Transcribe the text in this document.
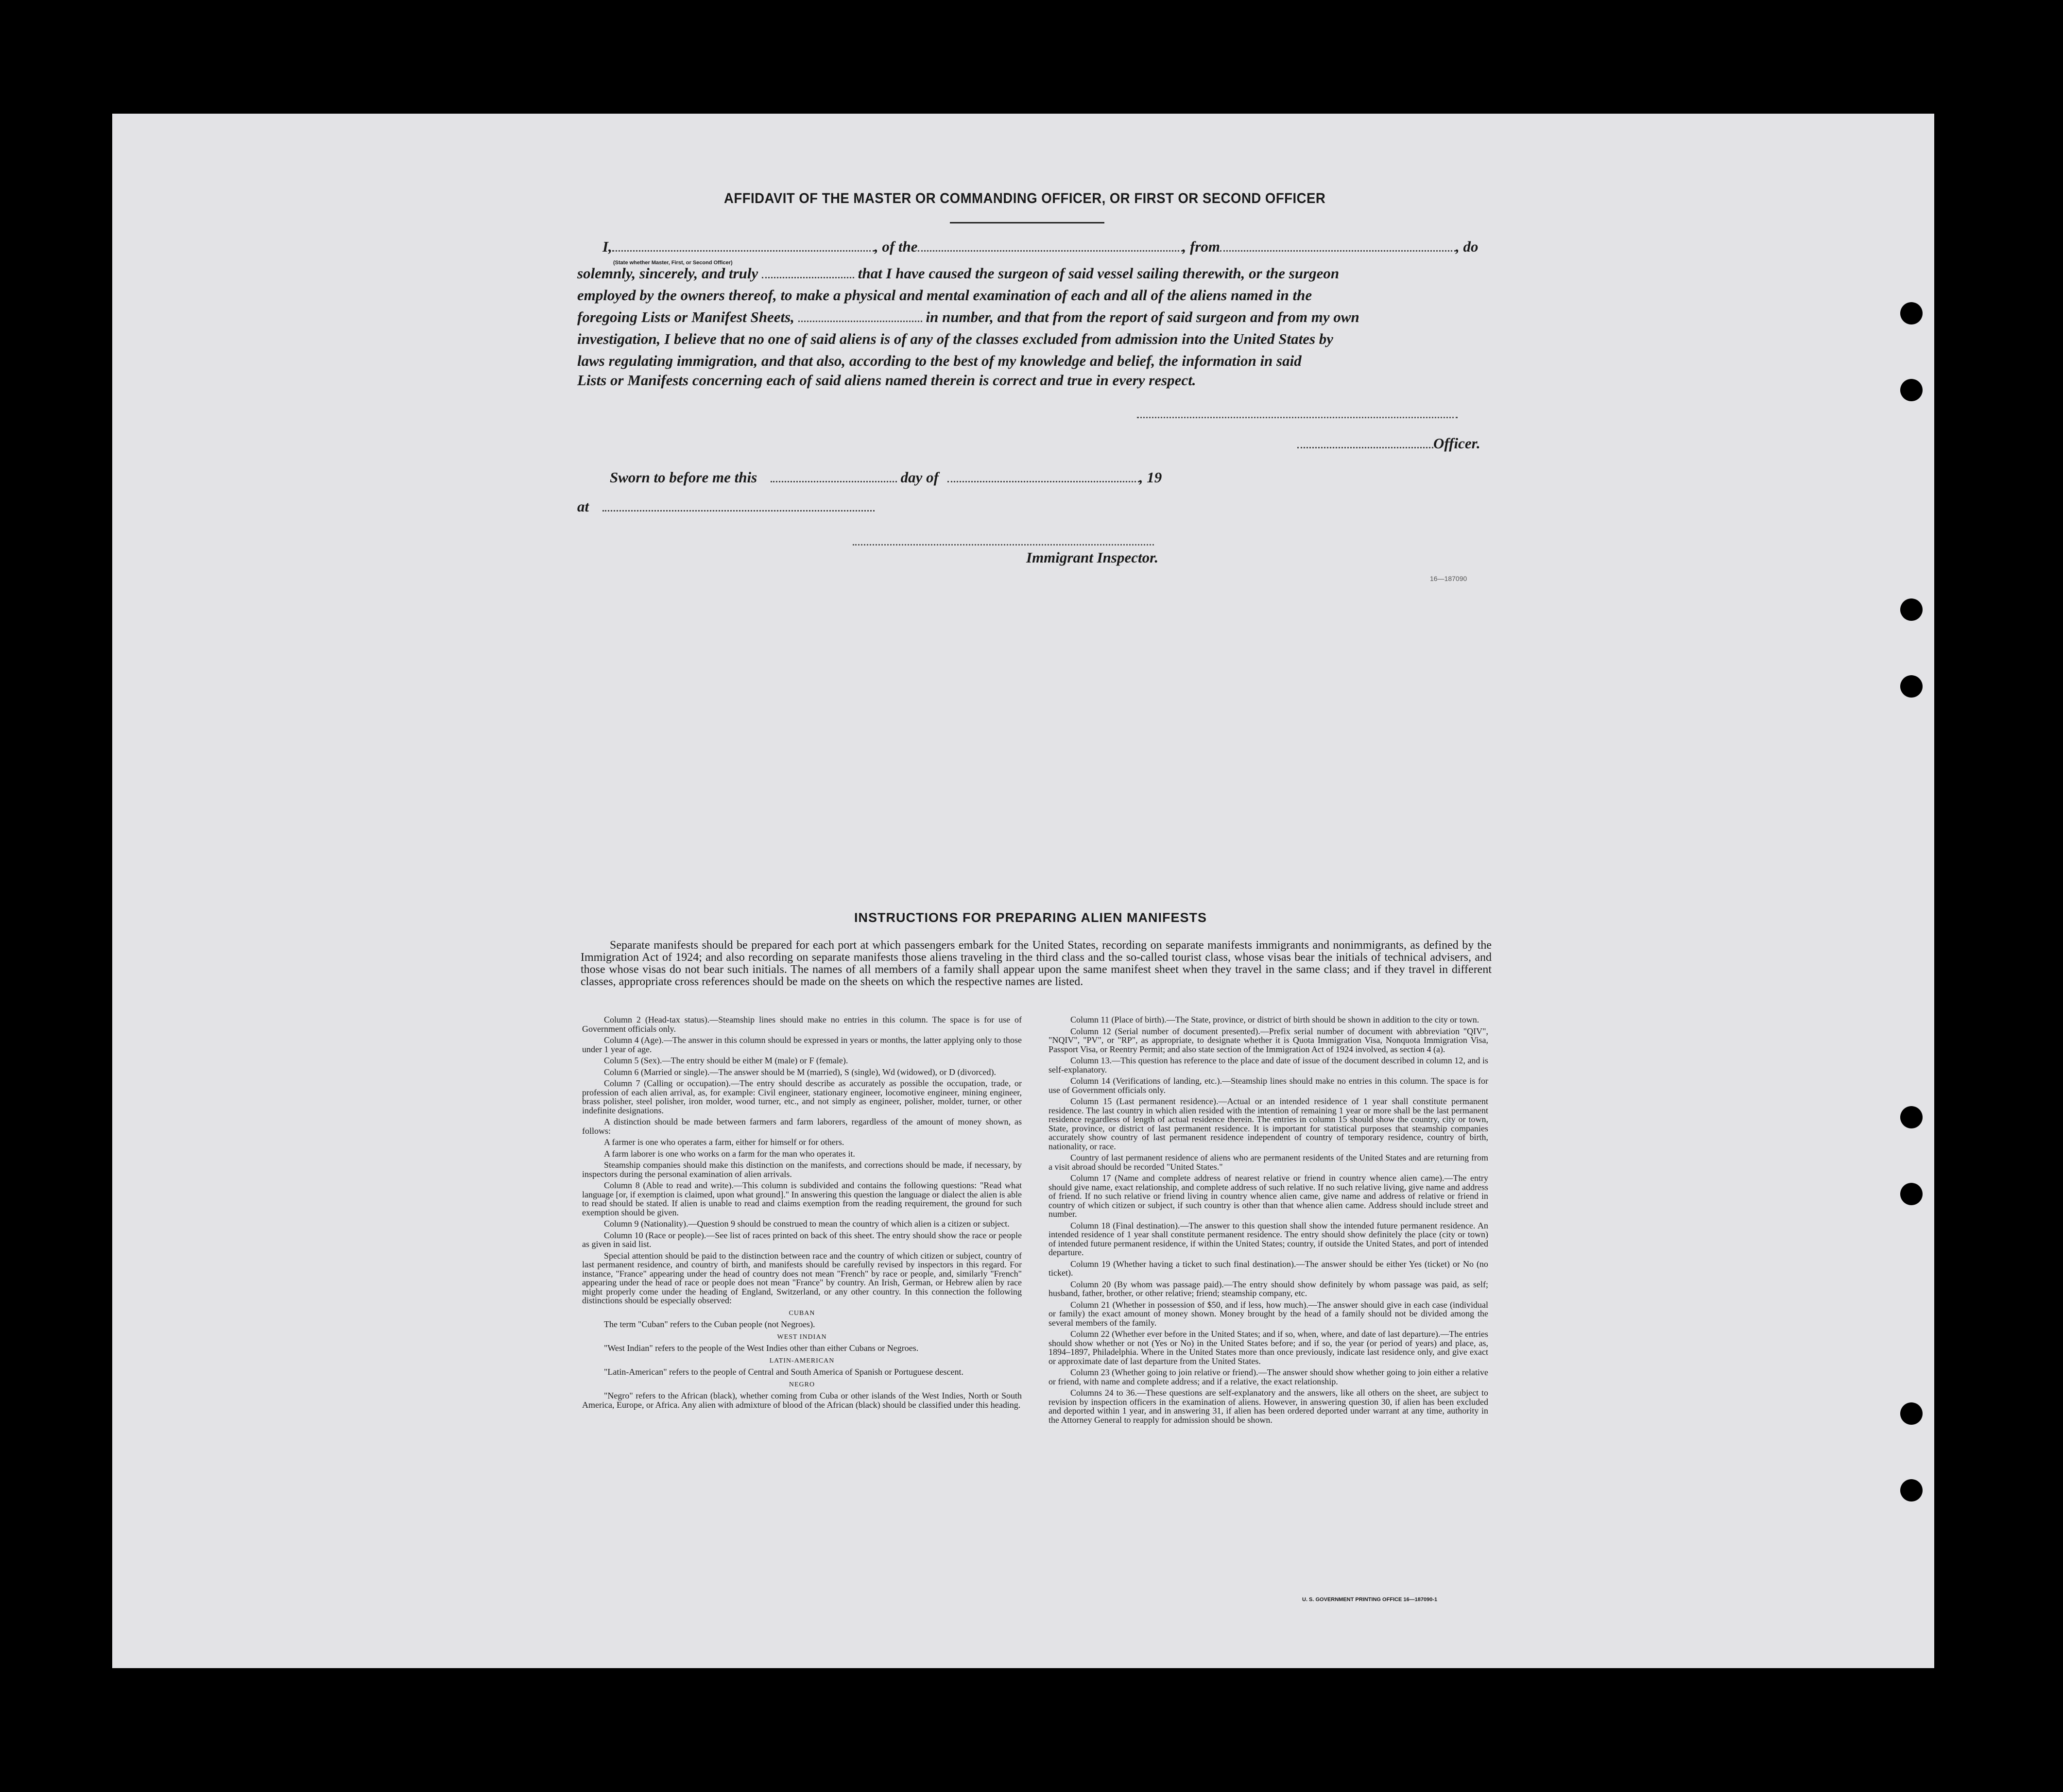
AFFIDAVIT OF THE MASTER OR COMMANDING OFFICER, OR FIRST OR SECOND OFFICER
I,	, of the	, from	, do
(State whether Master, First, or Second Officer)
solemnly, sincerely, and truly	that I have caused the surgeon of said vessel sailing therewith, or the surgeon
employed by the owners thereof, to make a physical and mental examination of each and all of the aliens named in the
foregoing Lists or Manifest Sheets,	in number, and that from the report of said surgeon and from my own
investigation, I believe that no one of said aliens is of any of the classes excluded from admission into the United States by
laws regulating immigration, and that also, according to the best of my knowledge and belief, the information in said
Lists or Manifests concerning each of said aliens named therein is correct and true in every respect.
Officer.
Sworn to before me this	day of	, 19
at
Immigrant Inspector.
16—187090
INSTRUCTIONS FOR PREPARING ALIEN MANIFESTS

Separate manifests should be prepared for each port at which passengers embark for the United States, recording on separate manifests immigrants and nonimmigrants, as defined by the Immigration Act of 1924; and also recording on separate manifests those aliens traveling in the third class and the so-called tourist class, whose visas bear the initials of technical advisers, and those whose visas do not bear such initials. The names of all members of a family shall appear upon the same manifest sheet when they travel in the same class; and if they travel in different classes, appropriate cross references should be made on the sheets on which the respective names are listed.

Column 2 (Head-tax status).—Steamship lines should make no entries in this column. The space is for use of Government officials only.

Column 4 (Age).—The answer in this column should be expressed in years or months, the latter applying only to those under 1 year of age.

Column 5 (Sex).—The entry should be either M (male) or F (female).

Column 6 (Married or single).—The answer should be M (married), S (single), Wd (widowed), or D (divorced).

Column 7 (Calling or occupation).—The entry should describe as accurately as possible the occupation, trade, or profession of each alien arrival, as, for example: Civil engineer, stationary engineer, locomotive engineer, mining engineer, brass polisher, steel polisher, iron molder, wood turner, etc., and not simply as engineer, polisher, molder, turner, or other indefinite designations.

A distinction should be made between farmers and farm laborers, regardless of the amount of money shown, as follows:

A farmer is one who operates a farm, either for himself or for others.

A farm laborer is one who works on a farm for the man who operates it.

Steamship companies should make this distinction on the manifests, and corrections should be made, if necessary, by inspectors during the personal examination of alien arrivals.

Column 8 (Able to read and write).—This column is subdivided and contains the following questions: "Read what language [or, if exemption is claimed, upon what ground]." In answering this question the language or dialect the alien is able to read should be stated. If alien is unable to read and claims exemption from the reading requirement, the ground for such exemption should be given.

Column 9 (Nationality).—Question 9 should be construed to mean the country of which alien is a citizen or subject.

Column 10 (Race or people).—See list of races printed on back of this sheet. The entry should show the race or people as given in said list.

Special attention should be paid to the distinction between race and the country of which citizen or subject, country of last permanent residence, and country of birth, and manifests should be carefully revised by inspectors in this regard. For instance, "France" appearing under the head of country does not mean "French" by race or people, and, similarly "French" appearing under the head of race or people does not mean "France" by country. An Irish, German, or Hebrew alien by race might properly come under the heading of England, Switzerland, or any other country. In this connection the following distinctions should be especially observed:

CUBAN

The term "Cuban" refers to the Cuban people (not Negroes).

WEST INDIAN

"West Indian" refers to the people of the West Indies other than either Cubans or Negroes.

LATIN-AMERICAN

"Latin-American" refers to the people of Central and South America of Spanish or Portuguese descent.

NEGRO

"Negro" refers to the African (black), whether coming from Cuba or other islands of the West Indies, North or South America, Europe, or Africa. Any alien with admixture of blood of the African (black) should be classified under this heading.

Column 11 (Place of birth).—The State, province, or district of birth should be shown in addition to the city or town.

Column 12 (Serial number of document presented).—Prefix serial number of document with abbreviation "QIV", "NQIV", "PV", or "RP", as appropriate, to designate whether it is Quota Immigration Visa, Nonquota Immigration Visa, Passport Visa, or Reentry Permit; and also state section of the Immigration Act of 1924 involved, as section 4 (a).

Column 13.—This question has reference to the place and date of issue of the document described in column 12, and is self-explanatory.

Column 14 (Verifications of landing, etc.).—Steamship lines should make no entries in this column. The space is for use of Government officials only.

Column 15 (Last permanent residence).—Actual or an intended residence of 1 year shall constitute permanent residence. The last country in which alien resided with the intention of remaining 1 year or more shall be the last permanent residence regardless of length of actual residence therein. The entries in column 15 should show the country, city or town, State, province, or district of last permanent residence. It is important for statistical purposes that steamship companies accurately show country of last permanent residence independent of country of temporary residence, country of birth, nationality, or race.

Country of last permanent residence of aliens who are permanent residents of the United States and are returning from a visit abroad should be recorded "United States."

Column 17 (Name and complete address of nearest relative or friend in country whence alien came).—The entry should give name, exact relationship, and complete address of such relative. If no such relative living, give name and address of friend. If no such relative or friend living in country whence alien came, give name and address of relative or friend in country of which citizen or subject, if such country is other than that whence alien came. Address should include street and number.

Column 18 (Final destination).—The answer to this question shall show the intended future permanent residence. An intended residence of 1 year shall constitute permanent residence. The entry should show definitely the place (city or town) of intended future permanent residence, if within the United States; country, if outside the United States, and port of intended departure.

Column 19 (Whether having a ticket to such final destination).—The answer should be either Yes (ticket) or No (no ticket).

Column 20 (By whom was passage paid).—The entry should show definitely by whom passage was paid, as self; husband, father, brother, or other relative; friend; steamship company, etc.

Column 21 (Whether in possession of $50, and if less, how much).—The answer should give in each case (individual or family) the exact amount of money shown. Money brought by the head of a family should not be divided among the several members of the family.

Column 22 (Whether ever before in the United States; and if so, when, where, and date of last departure).—The entries should show whether or not (Yes or No) in the United States before; and if so, the year (or period of years) and place, as, 1894–1897, Philadelphia. Where in the United States more than once previously, indicate last residence only, and give exact or approximate date of last departure from the United States.

Column 23 (Whether going to join relative or friend).—The answer should show whether going to join either a relative or friend, with name and complete address; and if a relative, the exact relationship.

Columns 24 to 36.—These questions are self-explanatory and the answers, like all others on the sheet, are subject to revision by inspection officers in the examination of aliens. However, in answering question 30, if alien has been excluded and deported within 1 year, and in answering 31, if alien has been ordered deported under warrant at any time, authority in the Attorney General to reapply for admission should be shown.

U. S. GOVERNMENT PRINTING OFFICE 16—187090-1
